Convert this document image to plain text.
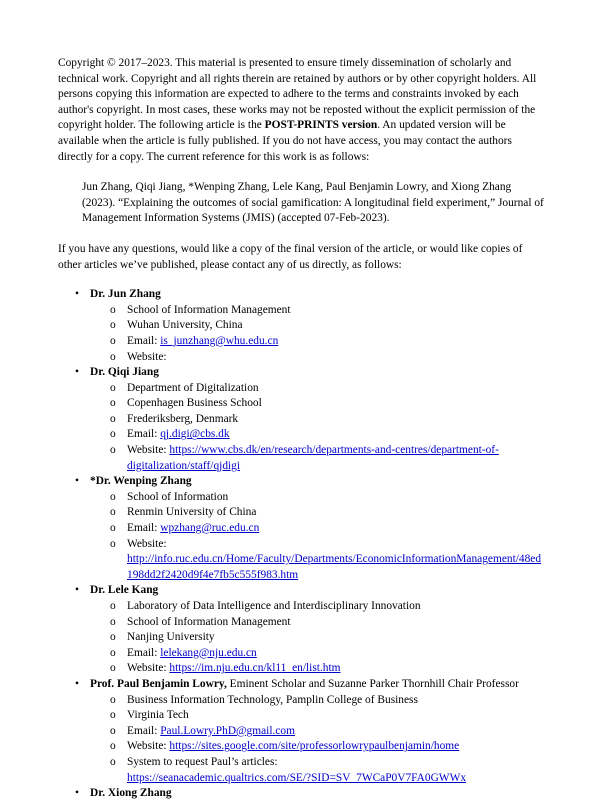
Copyright © 2017–2023. This material is presented to ensure timely dissemination of scholarly and technical work. Copyright and all rights therein are retained by authors or by other copyright holders. All persons copying this information are expected to adhere to the terms and constraints invoked by each author's copyright. In most cases, these works may not be reposted without the explicit permission of the copyright holder. The following article is the POST-PRINTS version. An updated version will be available when the article is fully published. If you do not have access, you may contact the authors directly for a copy. The current reference for this work is as follows:

Jun Zhang, Qiqi Jiang, *Wenping Zhang, Lele Kang, Paul Benjamin Lowry, and Xiong Zhang (2023). “Explaining the outcomes of social gamification: A longitudinal field experiment,” Journal of Management Information Systems (JMIS) (accepted 07-Feb-2023).

If you have any questions, would like a copy of the final version of the article, or would like copies of other articles we’ve published, please contact any of us directly, as follows:

• Dr. Jun Zhang
o School of Information Management
o Wuhan University, China
o Email: is_junzhang@whu.edu.cn
o Website:
• Dr. Qiqi Jiang
o Department of Digitalization
o Copenhagen Business School
o Frederiksberg, Denmark
o Email: qj.digi@cbs.dk
o Website: https://www.cbs.dk/en/research/departments-and-centres/department-of-digitalization/staff/qjdigi
• *Dr. Wenping Zhang
o School of Information
o Renmin University of China
o Email: wpzhang@ruc.edu.cn
o Website:
http://info.ruc.edu.cn/Home/Faculty/Departments/EconomicInformationManagement/48ed198dd2f2420d9f4e7fb5c555f983.htm
• Dr. Lele Kang
o Laboratory of Data Intelligence and Interdisciplinary Innovation
o School of Information Management
o Nanjing University
o Email: lelekang@nju.edu.cn
o Website: https://im.nju.edu.cn/kl11_en/list.htm
• Prof. Paul Benjamin Lowry, Eminent Scholar and Suzanne Parker Thornhill Chair Professor
o Business Information Technology, Pamplin College of Business
o Virginia Tech
o Email: Paul.Lowry.PhD@gmail.com
o Website: https://sites.google.com/site/professorlowrypaulbenjamin/home
o System to request Paul’s articles:
https://seanacademic.qualtrics.com/SE/?SID=SV_7WCaP0V7FA0GWWx
• Dr. Xiong Zhang
